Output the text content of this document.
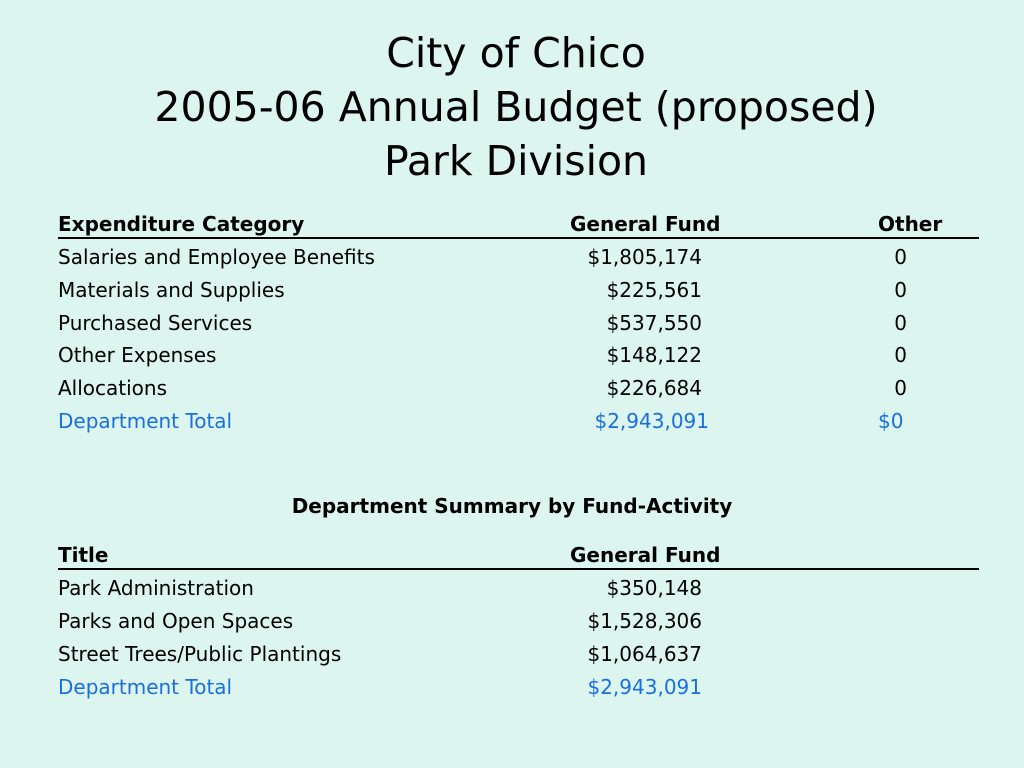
City of Chico
2005-06 Annual Budget (proposed)
Park Division
Expenditure Category	General Fund	Other
Salaries and Employee Benefits	$1,805,174	0
Materials and Supplies	$225,561	0
Purchased Services	$537,550	0
Other Expenses	$148,122	0
Allocations	$226,684	0
Department Total	$2,943,091	$0
Department Summary by Fund-Activity
Title	General Fund
Park Administration	$350,148
Parks and Open Spaces	$1,528,306
Street Trees/Public Plantings	$1,064,637
Department Total	$2,943,091
